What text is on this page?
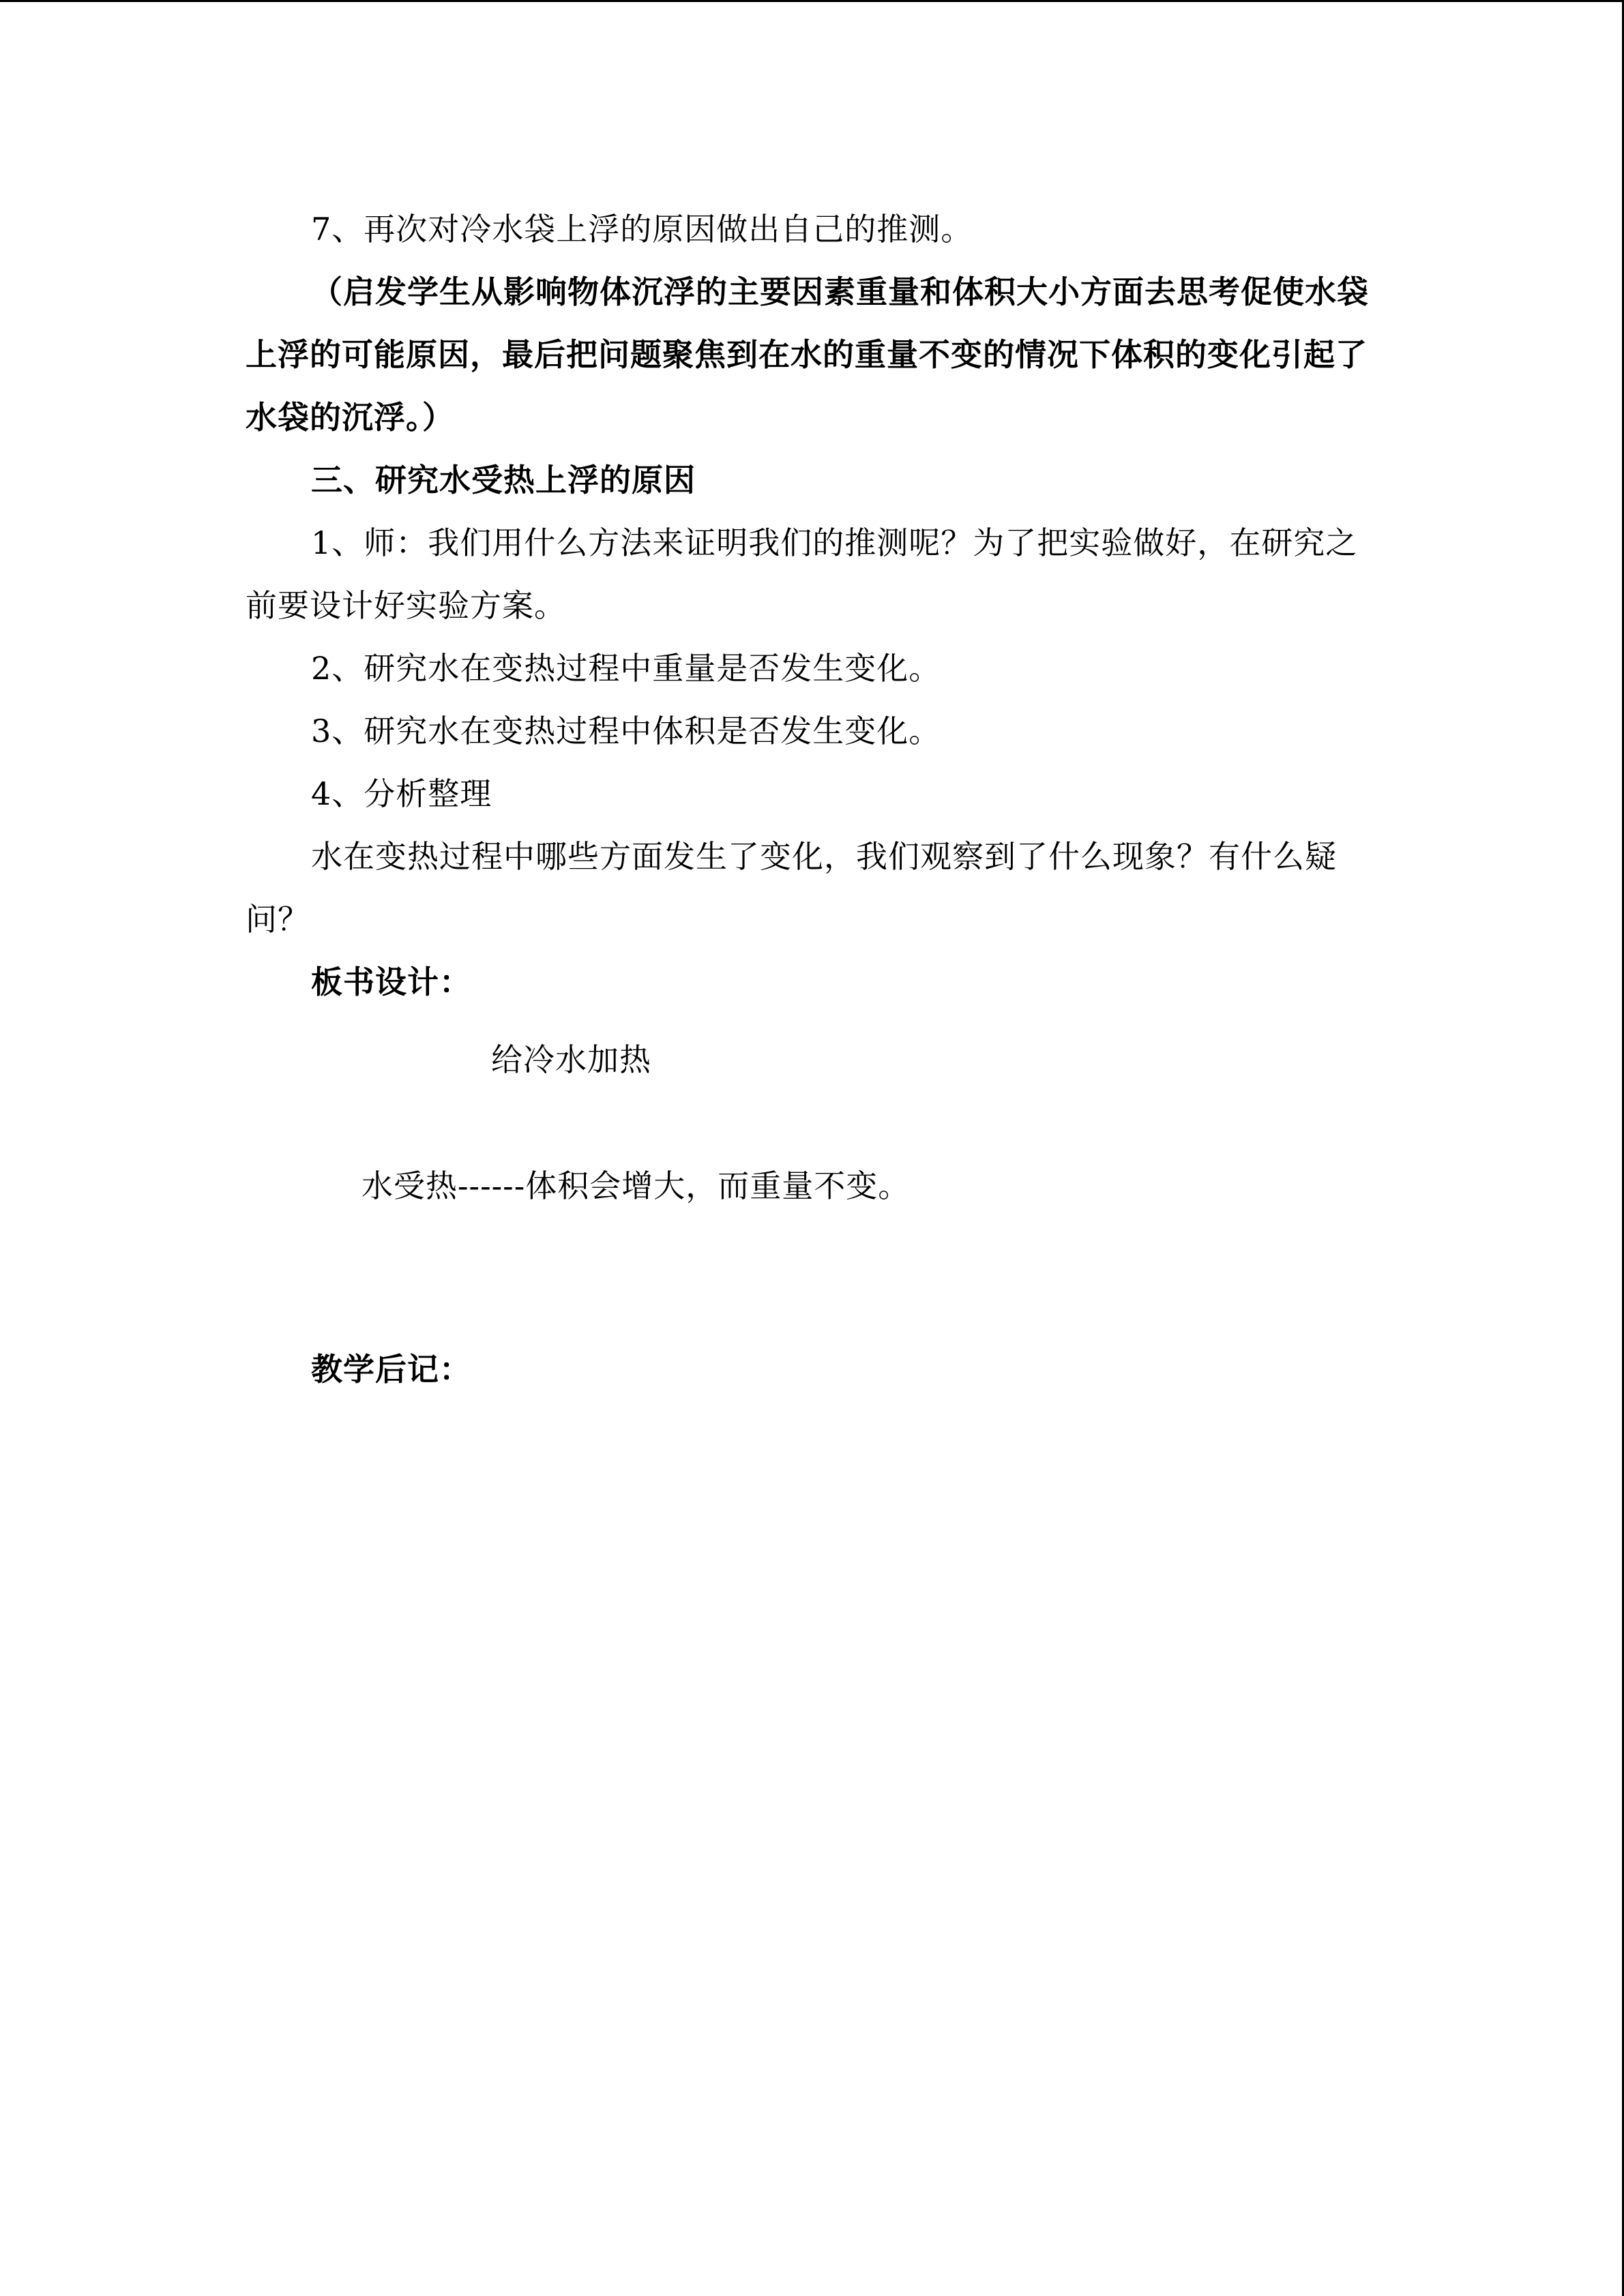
7、再次对冷水袋上浮的原因做出自己的推测。

（启发学生从影响物体沉浮的主要因素重量和体积大小方面去思考促使水袋上浮的可能原因，最后把问题聚焦到在水的重量不变的情况下体积的变化引起了水袋的沉浮。）

三、研究水受热上浮的原因

1、师：我们用什么方法来证明我们的推测呢？为了把实验做好，在研究之前要设计好实验方案。

2、研究水在变热过程中重量是否发生变化。

3、研究水在变热过程中体积是否发生变化。

4、分析整理

水在变热过程中哪些方面发生了变化，我们观察到了什么现象？有什么疑问？

板书设计：

给冷水加热

水受热------体积会增大，而重量不变。

教学后记：
